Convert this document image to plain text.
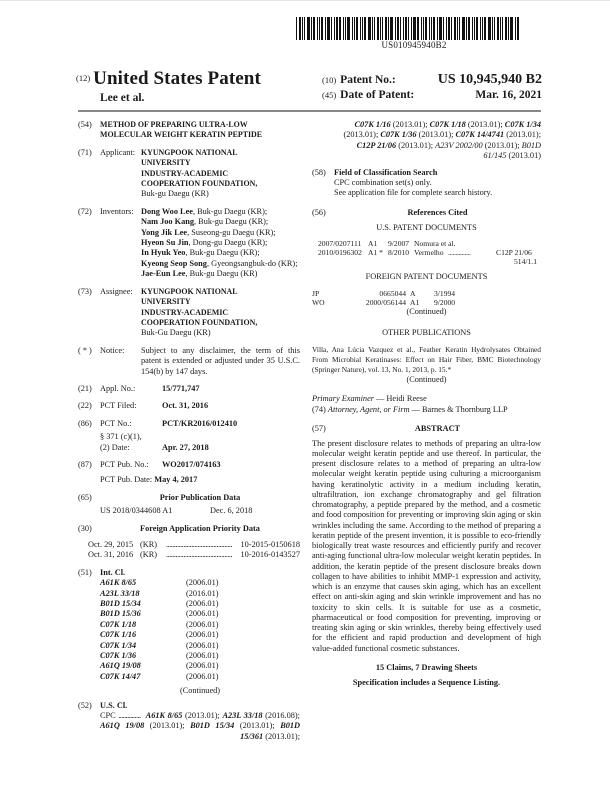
US010945940B2
(12) United States Patent
Lee et al.
(10) Patent No.:	US 10,945,940 B2
(45) Date of Patent:	Mar. 16, 2021
(54)	METHOD OF PREPARING ULTRA-LOW MOLECULAR WEIGHT KERATIN PEPTIDE
(71) Applicant: KYUNGPOOK NATIONAL
UNIVERSITY
INDUSTRY-ACADEMIC
COOPERATION FOUNDATION,
Buk-gu Daegu (KR)
(72) Inventors: Dong Woo Lee, Buk-gu Daegu (KR);
Nam Joo Kang, Buk-gu Daegu (KR);
Yong Jik Lee, Suseong-gu Daegu (KR);
Hyeon Su Jin, Dong-gu Daegu (KR);
In Hyuk Yeo, Buk-gu Daegu (KR);
Kyeong Seop Song, Gyeongsangbuk-do (KR); Jae-Eun Lee, Buk-gu Daegu (KR)
(73) Assignee:	KYUNGPOOK NATIONAL
UNIVERSITY
INDUSTRY-ACADEMIC
COOPERATION FOUNDATION,
Buk-Gu Daegu (KR)
( * ) Notice:	Subject to any disclaimer, the term of this patent is extended or adjusted under 35 U.S.C. 154(b) by 147 days.
(21) Appl. No.:	15/771,747
(22) PCT Filed:	Oct. 31, 2016
(86) PCT No.:	PCT/KR2016/012410
§ 371 (c)(1),
(2) Date:	Apr. 27, 2018
(87) PCT Pub. No.:	WO2017/074163
PCT Pub. Date:
May 4, 2017
(65)	Prior Publication Data
US 2018/0344608 A1	Dec. 6, 2018
(30)	Foreign Application Priority Data
Oct. 29, 2015 (KR)	..........................................	10-2015-0150618
Oct. 31, 2016 (KR)	..........................................	10-2016-0143527
(51) Int. Cl.
A61K 8/65	(2006.01)
A23L 33/18	(2016.01)
B01D 15/34	(2006.01)
B01D 15/36	(2006.01)
C07K 1/18	(2006.01)
C07K 1/16	(2006.01)
C07K 1/34	(2006.01)
C07K 1/36	(2006.01)
A61Q 19/08	(2006.01)
C07K 14/47	(2006.01)
(Continued)
(52) U.S. Cl.
CPC ............... A61K 8/65 (2013.01); A23L 33/18 (2016.08); A61Q 19/08 (2013.01); B01D 15/34 (2013.01); B01D 15/361 (2013.01);
C07K 1/16 (2013.01); C07K 1/18 (2013.01); C07K 1/34 (2013.01); C07K 1/36 (2013.01); C07K 14/4741 (2013.01); C12P 21/06 (2013.01); A23V 2002/00 (2013.01); B01D 61/145 (2013.01)
(58) Field of Classification Search
CPC combination set(s) only.
See application file for complete search history.
(56)	References Cited
U.S. PATENT DOCUMENTS
2007/0207111 A1	9/2007 Nomura et al.
2010/0196302 A1 * 8/2010 Vermelho ...............	C12P 21/06
514/1.1
FOREIGN PATENT DOCUMENTS
JP	0665044 A	3/1994
WO	2000/056144 A1	9/2000
(Continued)
OTHER PUBLICATIONS
Villa, Ana Lúcia Vazquez et al., Feather Keratin Hydrolysates Obtained From Microbial Keratinases: Effect on Hair Fiber, BMC Biotechnology (Springer Nature), vol. 13, No. 1, 2013, p. 15.*
(Continued)
Primary Examiner — Heidi Reese
(74) Attorney, Agent, or Firm — Barnes & Thornburg LLP
(57)	ABSTRACT
The present disclosure relates to methods of preparing an ultra-low molecular weight keratin peptide and use thereof. In particular, the present disclosure relates to a method of preparing an ultra-low molecular weight keratin peptide using culturing a microorganism having keratinolytic activity in a medium including keratin, ultrafiltration, ion exchange chromatography and gel filtration chromatography, a peptide prepared by the method, and a cosmetic and food composition for preventing or improving skin aging or skin wrinkles including the same. According to the method of preparing a keratin peptide of the present invention, it is possible to eco-friendly biologically treat waste resources and efficiently purify and recover anti-aging functional ultra-low molecular weight keratin peptides. In addition, the keratin peptide of the present disclosure breaks down collagen to have abilities to inhibit MMP-1 expression and activity, which is an enzyme that causes skin aging, which has an excellent effect on anti-skin aging and skin wrinkle improvement and has no toxicity to skin cells. It is suitable for use as a cosmetic, pharmaceutical or food composition for preventing, improving or treating skin aging or skin wrinkles, thereby being effectively used for the efficient and rapid production and development of high value-added functional cosmetic substances.
15 Claims, 7 Drawing Sheets
Specification includes a Sequence Listing.
